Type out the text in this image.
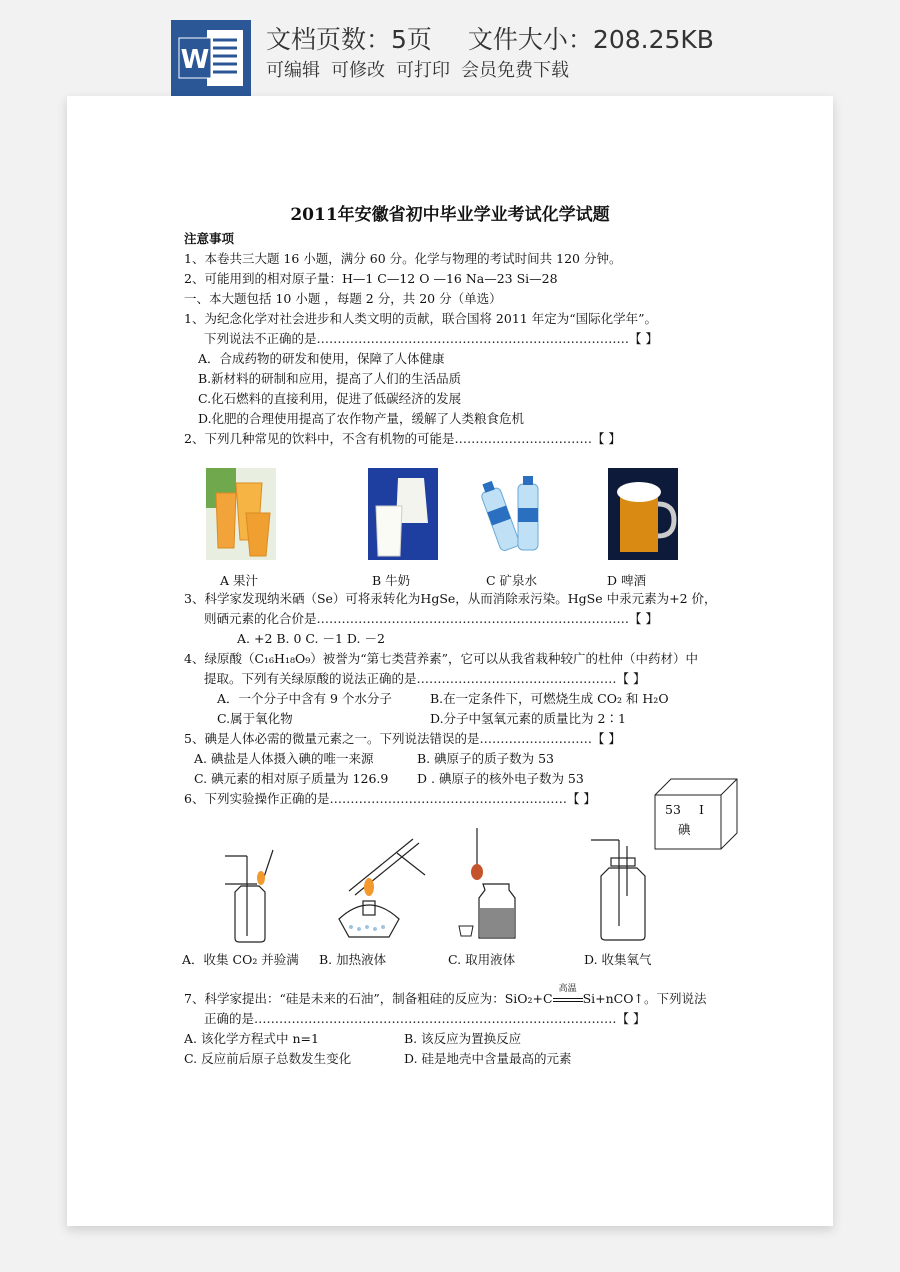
W
文档页数：5页 文件大小：208.25KB
可编辑 可修改 可打印 会员免费下载
2011年安徽省初中毕业学业考试化学试题
注意事项
1、本卷共三大题 16 小题，满分 60 分。化学与物理的考试时间共 120 分钟。
2、可能用到的相对原子量：H—1 C—12 O —16 Na—23 Si—28
一、本大题包括 10 小题 ，每题 2 分，共 20 分（单选）
1、为纪念化学对社会进步和人类文明的贡献，联合国将 2011 年定为“国际化学年”。
下列说法不正确的是…………………………………………………………………【 】
A．合成药物的研发和使用，保障了人体健康
B.新材料的研制和应用，提高了人们的生活品质
C.化石燃料的直接利用，促进了低碳经济的发展
D.化肥的合理使用提高了农作物产量，缓解了人类粮食危机
2、下列几种常见的饮料中，不含有机物的可能是……………………………【 】
A 果汁	B 牛奶	C 矿泉水	D 啤酒
3、科学家发现纳米硒（Se）可将汞转化为HgSe，从而消除汞污染。HgSe 中汞元素为+2 价，
则硒元素的化合价是…………………………………………………………………【 】
A. +2 B. 0 C. －1 D. －2
4、绿原酸（C₁₆H₁₈O₉）被誉为“第七类营养素”，它可以从我省栽种较广的杜仲（中药材）中
提取。下列有关绿原酸的说法正确的是…………………………………………【 】
A．一个分子中含有 9 个水分子	B.在一定条件下，可燃烧生成 CO₂ 和 H₂O
C.属于氧化物	D.分子中氢氧元素的质量比为 2∶1
5、碘是人体必需的微量元素之一。下列说法错误的是………………………【 】
A. 碘盐是人体摄入碘的唯一来源	B. 碘原子的质子数为 53
C. 碘元素的相对原子质量为 126.9 D . 碘原子的核外电子数为 53
53 I
碘
6、下列实验操作正确的是…………………………………………………【 】
A．收集 CO₂ 并验满 B. 加热液体	C. 取用液体	D. 收集氧气
7、科学家提出：“硅是未来的石油”，制备粗硅的反应为：SiO₂+C
高温
Si+nCO↑。下列说法
正确的是……………………………………………………………………………【 】
A. 该化学方程式中 n=1	B. 该反应为置换反应
C. 反应前后原子总数发生变化	D. 硅是地壳中含量最高的元素
